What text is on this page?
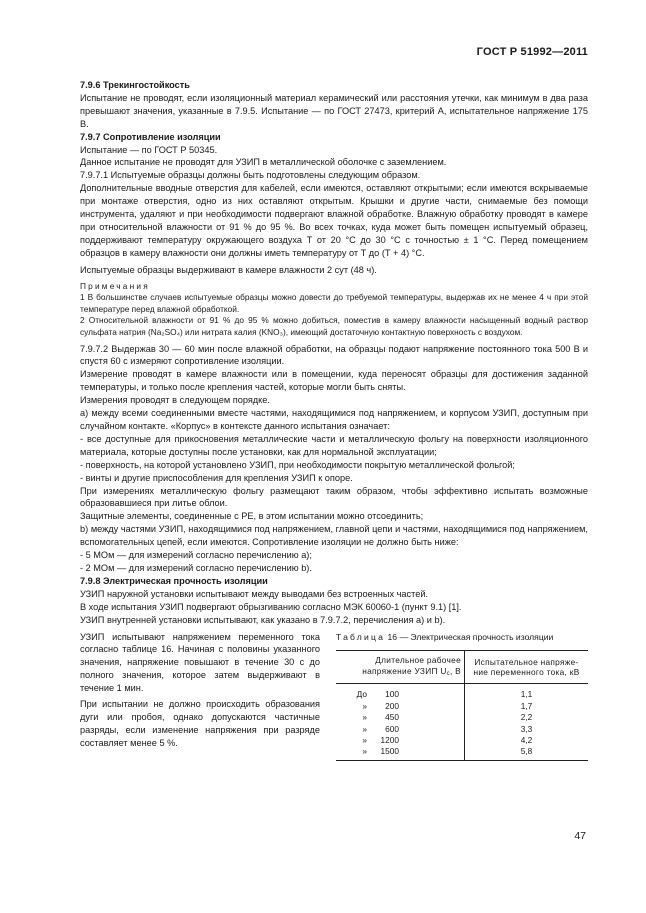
ГОСТ Р 51992—2011

7.9.6 Трекингостойкость

Испытание не проводят, если изоляционный материал керамический или расстояния утечки, как минимум в два раза превышают значения, указанные в 7.9.5. Испытание — по ГОСТ 27473, критерий А, испытательное напряжение 175 В.

7.9.7 Сопротивление изоляции

Испытание — по ГОСТ Р 50345.

Данное испытание не проводят для УЗИП в металлической оболочке с заземлением.

7.9.7.1 Испытуемые образцы должны быть подготовлены следующим образом.

Дополнительные вводные отверстия для кабелей, если имеются, оставляют открытыми; если имеются вскрываемые при монтаже отверстия, одно из них оставляют открытым. Крышки и другие части, снимаемые без помощи инструмента, удаляют и при необходимости подвергают влажной обработке. Влажную обработку проводят в камере при относительной влажности от 91 % до 95 %. Во всех точках, куда может быть помещен испытуемый образец, поддерживают температуру окружающего воздуха Т от 20 °С до 30 °С с точностью ± 1 °С. Перед помещением образцов в камеру влажности они должны иметь температуру от Т до (Т + 4) °С.

Испытуемые образцы выдерживают в камере влажности 2 сут (48 ч).

Примечания

1 В большинстве случаев испытуемые образцы можно довести до требуемой температуры, выдержав их не менее 4 ч при этой температуре перед влажной обработкой.

2 Относительной влажности от 91 % до 95 % можно добиться, поместив в камеру влажности насыщенный водный раствор сульфата натрия (Na₂SO₄) или нитрата калия (KNO₃), имеющий достаточную контактную поверхность с воздухом.

7.9.7.2 Выдержав 30 — 60 мин после влажной обработки, на образцы подают напряжение постоянного тока 500 В и спустя 60 с измеряют сопротивление изоляции.

Измерение проводят в камере влажности или в помещении, куда переносят образцы для достижения заданной температуры, и только после крепления частей, которые могли быть сняты.

Измерения проводят в следующем порядке.

а) между всеми соединенными вместе частями, находящимися под напряжением, и корпусом УЗИП, доступным при случайном контакте. «Корпус» в контексте данного испытания означает:

- все доступные для прикосновения металлические части и металлическую фольгу на поверхности изоляционного материала, которые доступны после установки, как для нормальной эксплуатации;

- поверхность, на которой установлено УЗИП, при необходимости покрытую металлической фольгой;

- винты и другие приспособления для крепления УЗИП к опоре.

При измерениях металлическую фольгу размещают таким образом, чтобы эффективно испытать возможные образовавшиеся при литье облои.

Защитные элементы, соединенные с РЕ, в этом испытании можно отсоединить;

b) между частями УЗИП, находящимися под напряжением, главной цепи и частями, находящимися под напряжением, вспомогательных цепей, если имеются. Сопротивление изоляции не должно быть ниже:

- 5 МОм — для измерений согласно перечислению а);

- 2 МОм — для измерений согласно перечислению b).

7.9.8 Электрическая прочность изоляции

УЗИП наружной установки испытывают между выводами без встроенных частей.

В ходе испытания УЗИП подвергают обрызгиванию согласно МЭК 60060-1 (пункт 9.1) [1].

УЗИП внутренней установки испытывают, как указано в 7.9.7.2, перечисления а) и b).

УЗИП испытывают напряжением переменного тока согласно таблице 16. Начиная с половины указанного значения, напряжение повышают в течение 30 с до полного значения, которое затем выдерживают в течение 1 мин.

При испытании не должно происходить образования дуги или пробоя, однако допускаются частичные разряды, если изменение напряжения при разряде составляет менее 5 %.

Таблица 16 — Электрическая прочность изоляции
Длительное рабочее
напряжение УЗИП $U_с$, В	Испытательное напряже-
ние переменного тока, кВ
До 100	1,1
» 200	1,7
» 450	2,2
» 600	3,3
» 1200	4,2
» 1500	5,8
47
